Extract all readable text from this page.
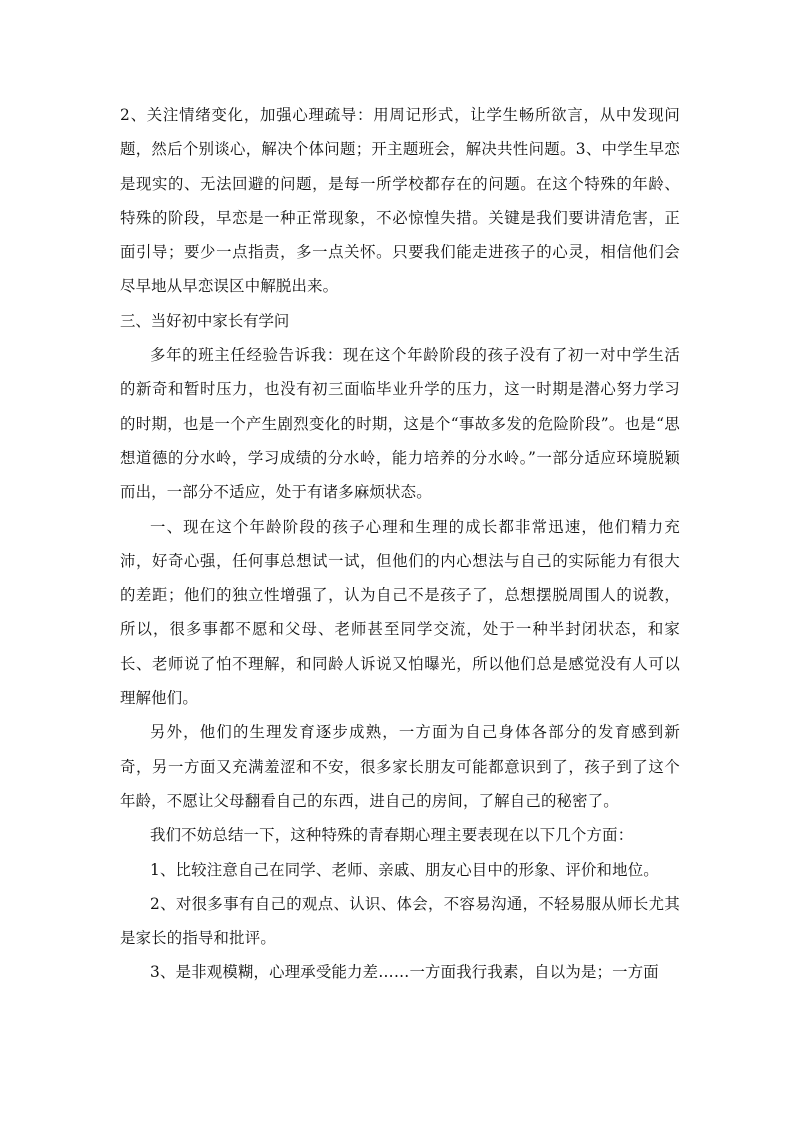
2、关注情绪变化，加强心理疏导：用周记形式，让学生畅所欲言，从中发现问题，然后个别谈心，解决个体问题；开主题班会，解决共性问题。3、中学生早恋是现实的、无法回避的问题，是每一所学校都存在的问题。在这个特殊的年龄、特殊的阶段，早恋是一种正常现象，不必惊惶失措。关键是我们要讲清危害，正面引导；要少一点指责，多一点关怀。只要我们能走进孩子的心灵，相信他们会尽早地从早恋误区中解脱出来。

三、当好初中家长有学问

多年的班主任经验告诉我：现在这个年龄阶段的孩子没有了初一对中学生活的新奇和暂时压力，也没有初三面临毕业升学的压力，这一时期是潜心努力学习的时期，也是一个产生剧烈变化的时期，这是个“事故多发的危险阶段”。也是“思想道德的分水岭，学习成绩的分水岭，能力培养的分水岭。”一部分适应环境脱颖而出，一部分不适应，处于有诸多麻烦状态。

一、现在这个年龄阶段的孩子心理和生理的成长都非常迅速，他们精力充沛，好奇心强，任何事总想试一试，但他们的内心想法与自己的实际能力有很大的差距；他们的独立性增强了，认为自己不是孩子了，总想摆脱周围人的说教，所以，很多事都不愿和父母、老师甚至同学交流，处于一种半封闭状态，和家长、老师说了怕不理解，和同龄人诉说又怕曝光，所以他们总是感觉没有人可以理解他们。

另外，他们的生理发育逐步成熟，一方面为自己身体各部分的发育感到新奇，另一方面又充满羞涩和不安，很多家长朋友可能都意识到了，孩子到了这个年龄，不愿让父母翻看自己的东西，进自己的房间，了解自己的秘密了。

我们不妨总结一下，这种特殊的青春期心理主要表现在以下几个方面：

1、比较注意自己在同学、老师、亲戚、朋友心目中的形象、评价和地位。

2、对很多事有自己的观点、认识、体会，不容易沟通，不轻易服从师长尤其是家长的指导和批评。

3、是非观模糊，心理承受能力差……一方面我行我素，自以为是；一方面
